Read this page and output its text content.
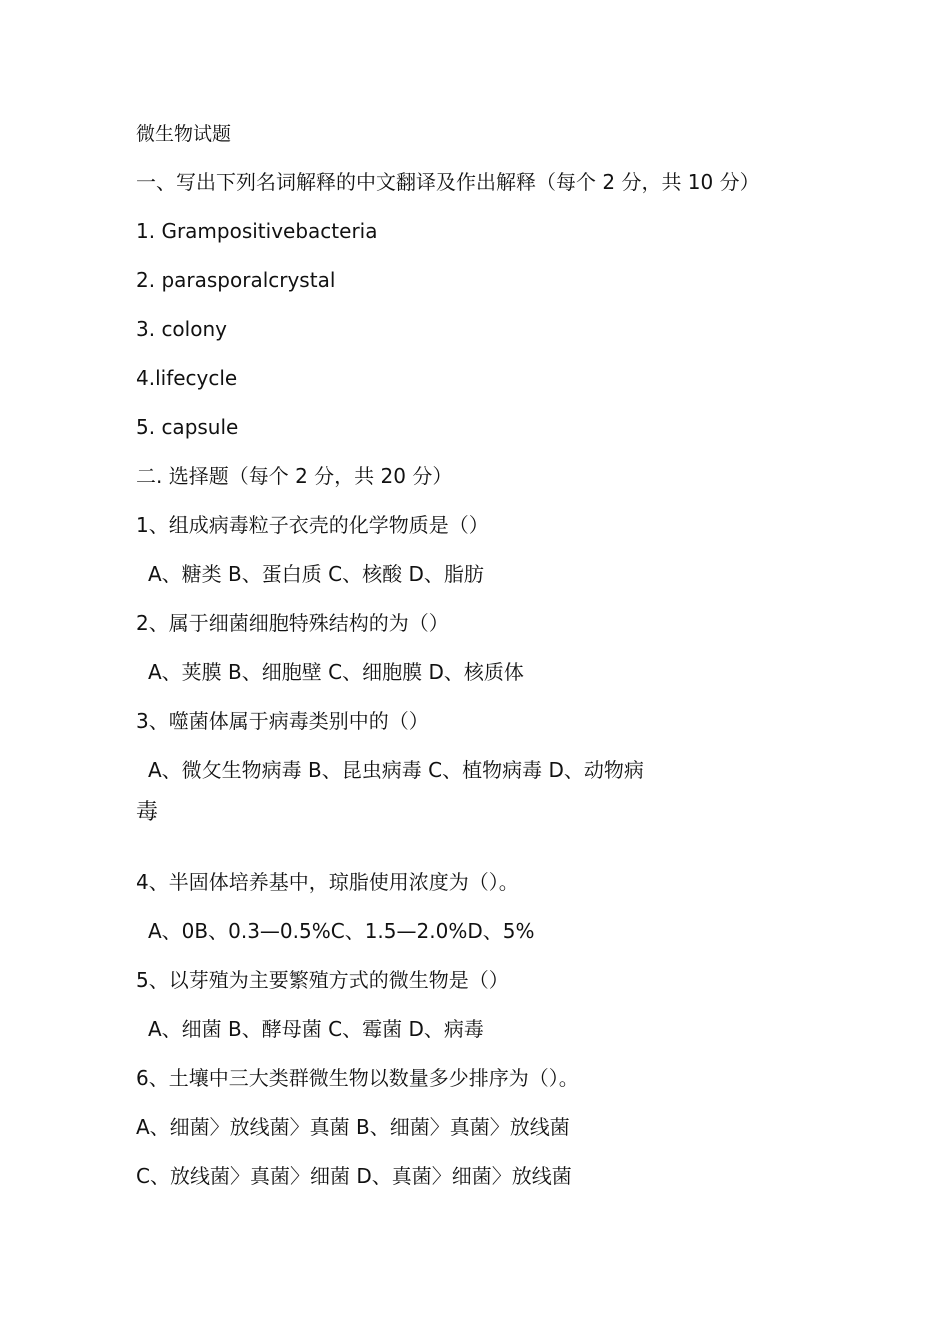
微生物试题
一、写出下列名词解释的中文翻译及作出解释（每个 2 分，共 10 分）
1. Grampositivebacteria
2. parasporalcrystal
3. colony
4.lifecycle
5. capsule
二. 选择题（每个 2 分，共 20 分）
1、组成病毒粒子衣壳的化学物质是（）
A、糖类 B、蛋白质 C、核酸 D、脂肪
2、属于细菌细胞特殊结构的为（）
A、荚膜 B、细胞壁 C、细胞膜 D、核质体
3、噬菌体属于病毒类别中的（）
A、微攵生物病毒 B、昆虫病毒 C、植物病毒 D、动物病
毒
4、半固体培养基中，琼脂使用浓度为（）。
A、0B、0.3—0.5%C、1.5—2.0%D、5%
5、以芽殖为主要繁殖方式的微生物是（）
A、细菌 B、酵母菌 C、霉菌 D、病毒
6、土壤中三大类群微生物以数量多少排序为（）。
A、细菌〉放线菌〉真菌 B、细菌〉真菌〉放线菌
C、放线菌〉真菌〉细菌 D、真菌〉细菌〉放线菌
